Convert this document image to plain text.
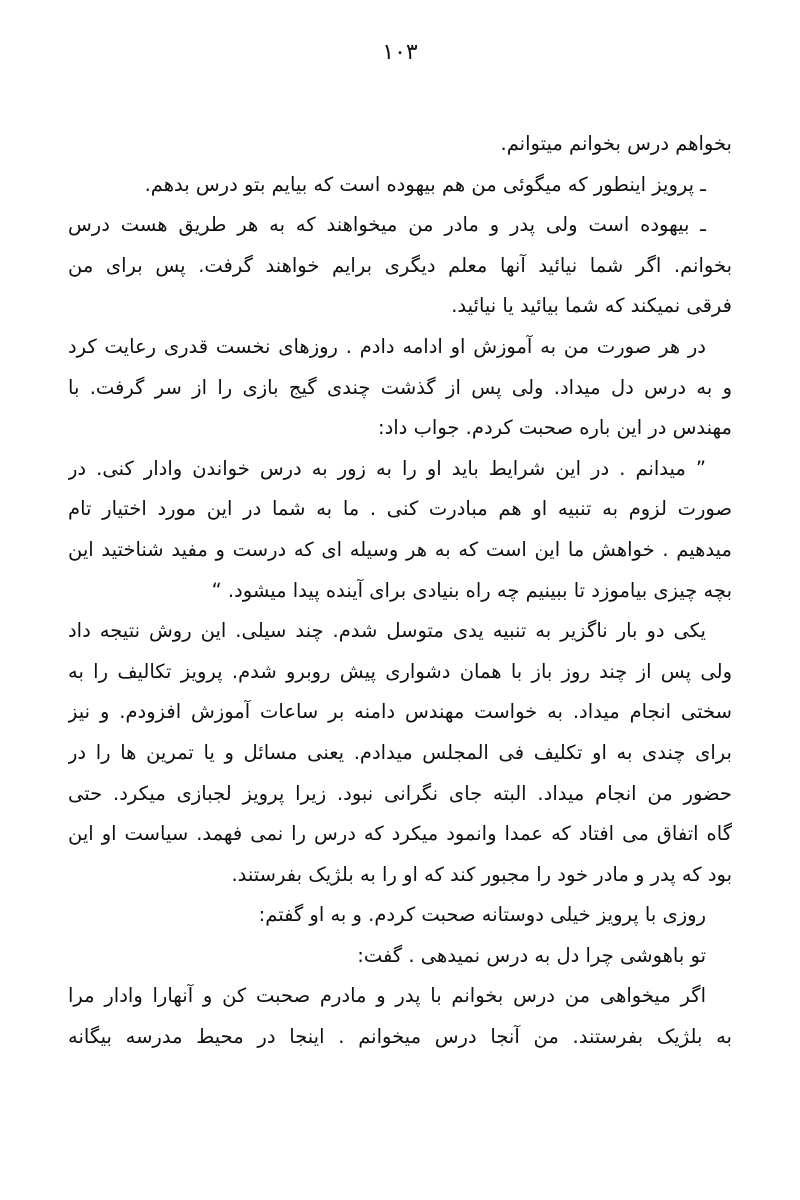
۱۰۳
بخواهم درس بخوانم میتوانم.
ـ پرویز اینطور که میگوئی من هم بیهوده است که بیایم بتو درس بدهم.
ـ بیهوده است ولی پدر و مادر من میخواهند که به هر طریق هست درس
بخوانم. اگر شما نیائید آنها معلم دیگری برایم خواهند گرفت. پس برای من
فرقی نمیکند که شما بیائید یا نیائید.
در هر صورت من به آموزش او ادامه دادم . روزهای نخست قدری رعایت کرد
و به درس دل میداد. ولی پس از گذشت چندی گیج بازی را از سر گرفت. با
مهندس در این باره صحبت کردم. جواب داد:
” میدانم . در این شرایط باید او را به زور به درس خواندن وادار کنی. در
صورت لزوم به تنبیه او هم مبادرت کنی . ما به شما در این مورد اختیار تام
میدهیم . خواهش ما این است که به هر وسیله ای که درست و مفید شناختید این
بچه چیزی بیاموزد تا ببینیم چه راه بنیادی برای آینده پیدا میشود. “
یکی دو بار ناگزیر به تنبیه یدی متوسل شدم. چند سیلی. این روش نتیجه داد
ولی پس از چند روز باز با همان دشواری پیش روبرو شدم. پرویز تکالیف را به
سختی انجام میداد. به خواست مهندس دامنه بر ساعات آموزش افزودم. و نیز
برای چندی به او تکلیف فی المجلس میدادم. یعنی مسائل و یا تمرین ها را در
حضور من انجام میداد. البته جای نگرانی نبود. زیرا پرویز لجبازی میکرد. حتی
گاه اتفاق می افتاد که عمدا وانمود میکرد که درس را نمی فهمد. سیاست او این
بود که پدر و مادر خود را مجبور کند که او را به بلژیک بفرستند.
روزی با پرویز خیلی دوستانه صحبت کردم. و به او گفتم:
تو باهوشی چرا دل به درس نمیدهی . گفت:
اگر میخواهی من درس بخوانم با پدر و مادرم صحبت کن و آنهارا وادار مرا
به بلژیک بفرستند. من آنجا درس میخوانم . اینجا در محیط مدرسه بیگانه
